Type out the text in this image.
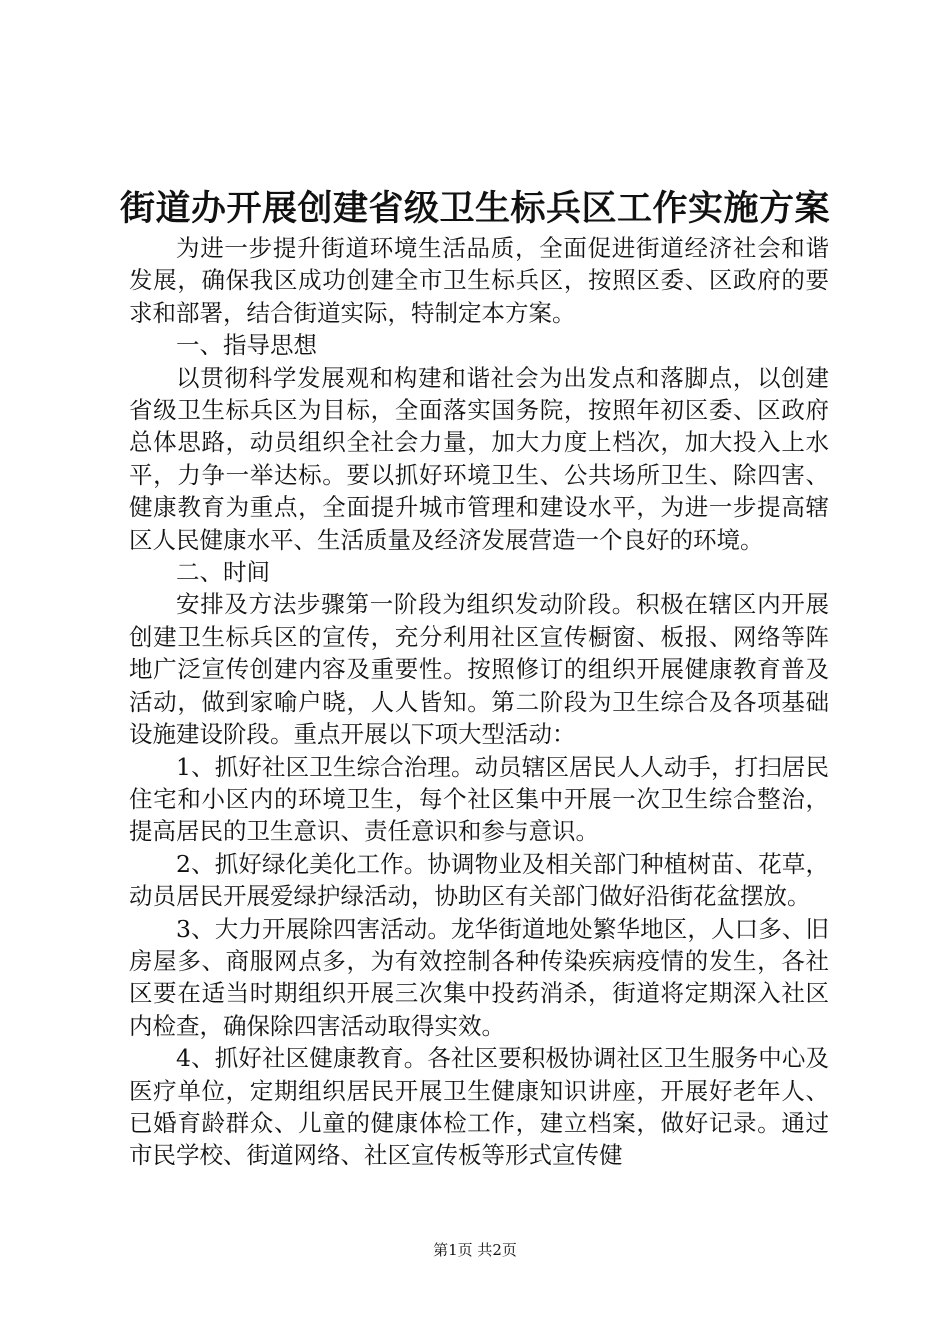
街道办开展创建省级卫生标兵区工作实施方案

为进一步提升街道环境生活品质，全面促进街道经济社会和谐发展，确保我区成功创建全市卫生标兵区，按照区委、区政府的要求和部署，结合街道实际，特制定本方案。

一、指导思想

以贯彻科学发展观和构建和谐社会为出发点和落脚点，以创建省级卫生标兵区为目标，全面落实国务院，按照年初区委、区政府总体思路，动员组织全社会力量，加大力度上档次，加大投入上水平，力争一举达标。要以抓好环境卫生、公共场所卫生、除四害、健康教育为重点，全面提升城市管理和建设水平，为进一步提高辖区人民健康水平、生活质量及经济发展营造一个良好的环境。

二、时间

安排及方法步骤第一阶段为组织发动阶段。积极在辖区内开展创建卫生标兵区的宣传，充分利用社区宣传橱窗、板报、网络等阵地广泛宣传创建内容及重要性。按照修订的组织开展健康教育普及活动，做到家喻户晓，人人皆知。第二阶段为卫生综合及各项基础设施建设阶段。重点开展以下项大型活动：

1、抓好社区卫生综合治理。动员辖区居民人人动手，打扫居民住宅和小区内的环境卫生，每个社区集中开展一次卫生综合整治，提高居民的卫生意识、责任意识和参与意识。

2、抓好绿化美化工作。协调物业及相关部门种植树苗、花草，动员居民开展爱绿护绿活动，协助区有关部门做好沿街花盆摆放。

3、大力开展除四害活动。龙华街道地处繁华地区，人口多、旧房屋多、商服网点多，为有效控制各种传染疾病疫情的发生，各社区要在适当时期组织开展三次集中投药消杀，街道将定期深入社区内检查，确保除四害活动取得实效。

4、抓好社区健康教育。各社区要积极协调社区卫生服务中心及医疗单位，定期组织居民开展卫生健康知识讲座，开展好老年人、已婚育龄群众、儿童的健康体检工作，建立档案，做好记录。通过市民学校、街道网络、社区宣传板等形式宣传健

第1页 共2页
